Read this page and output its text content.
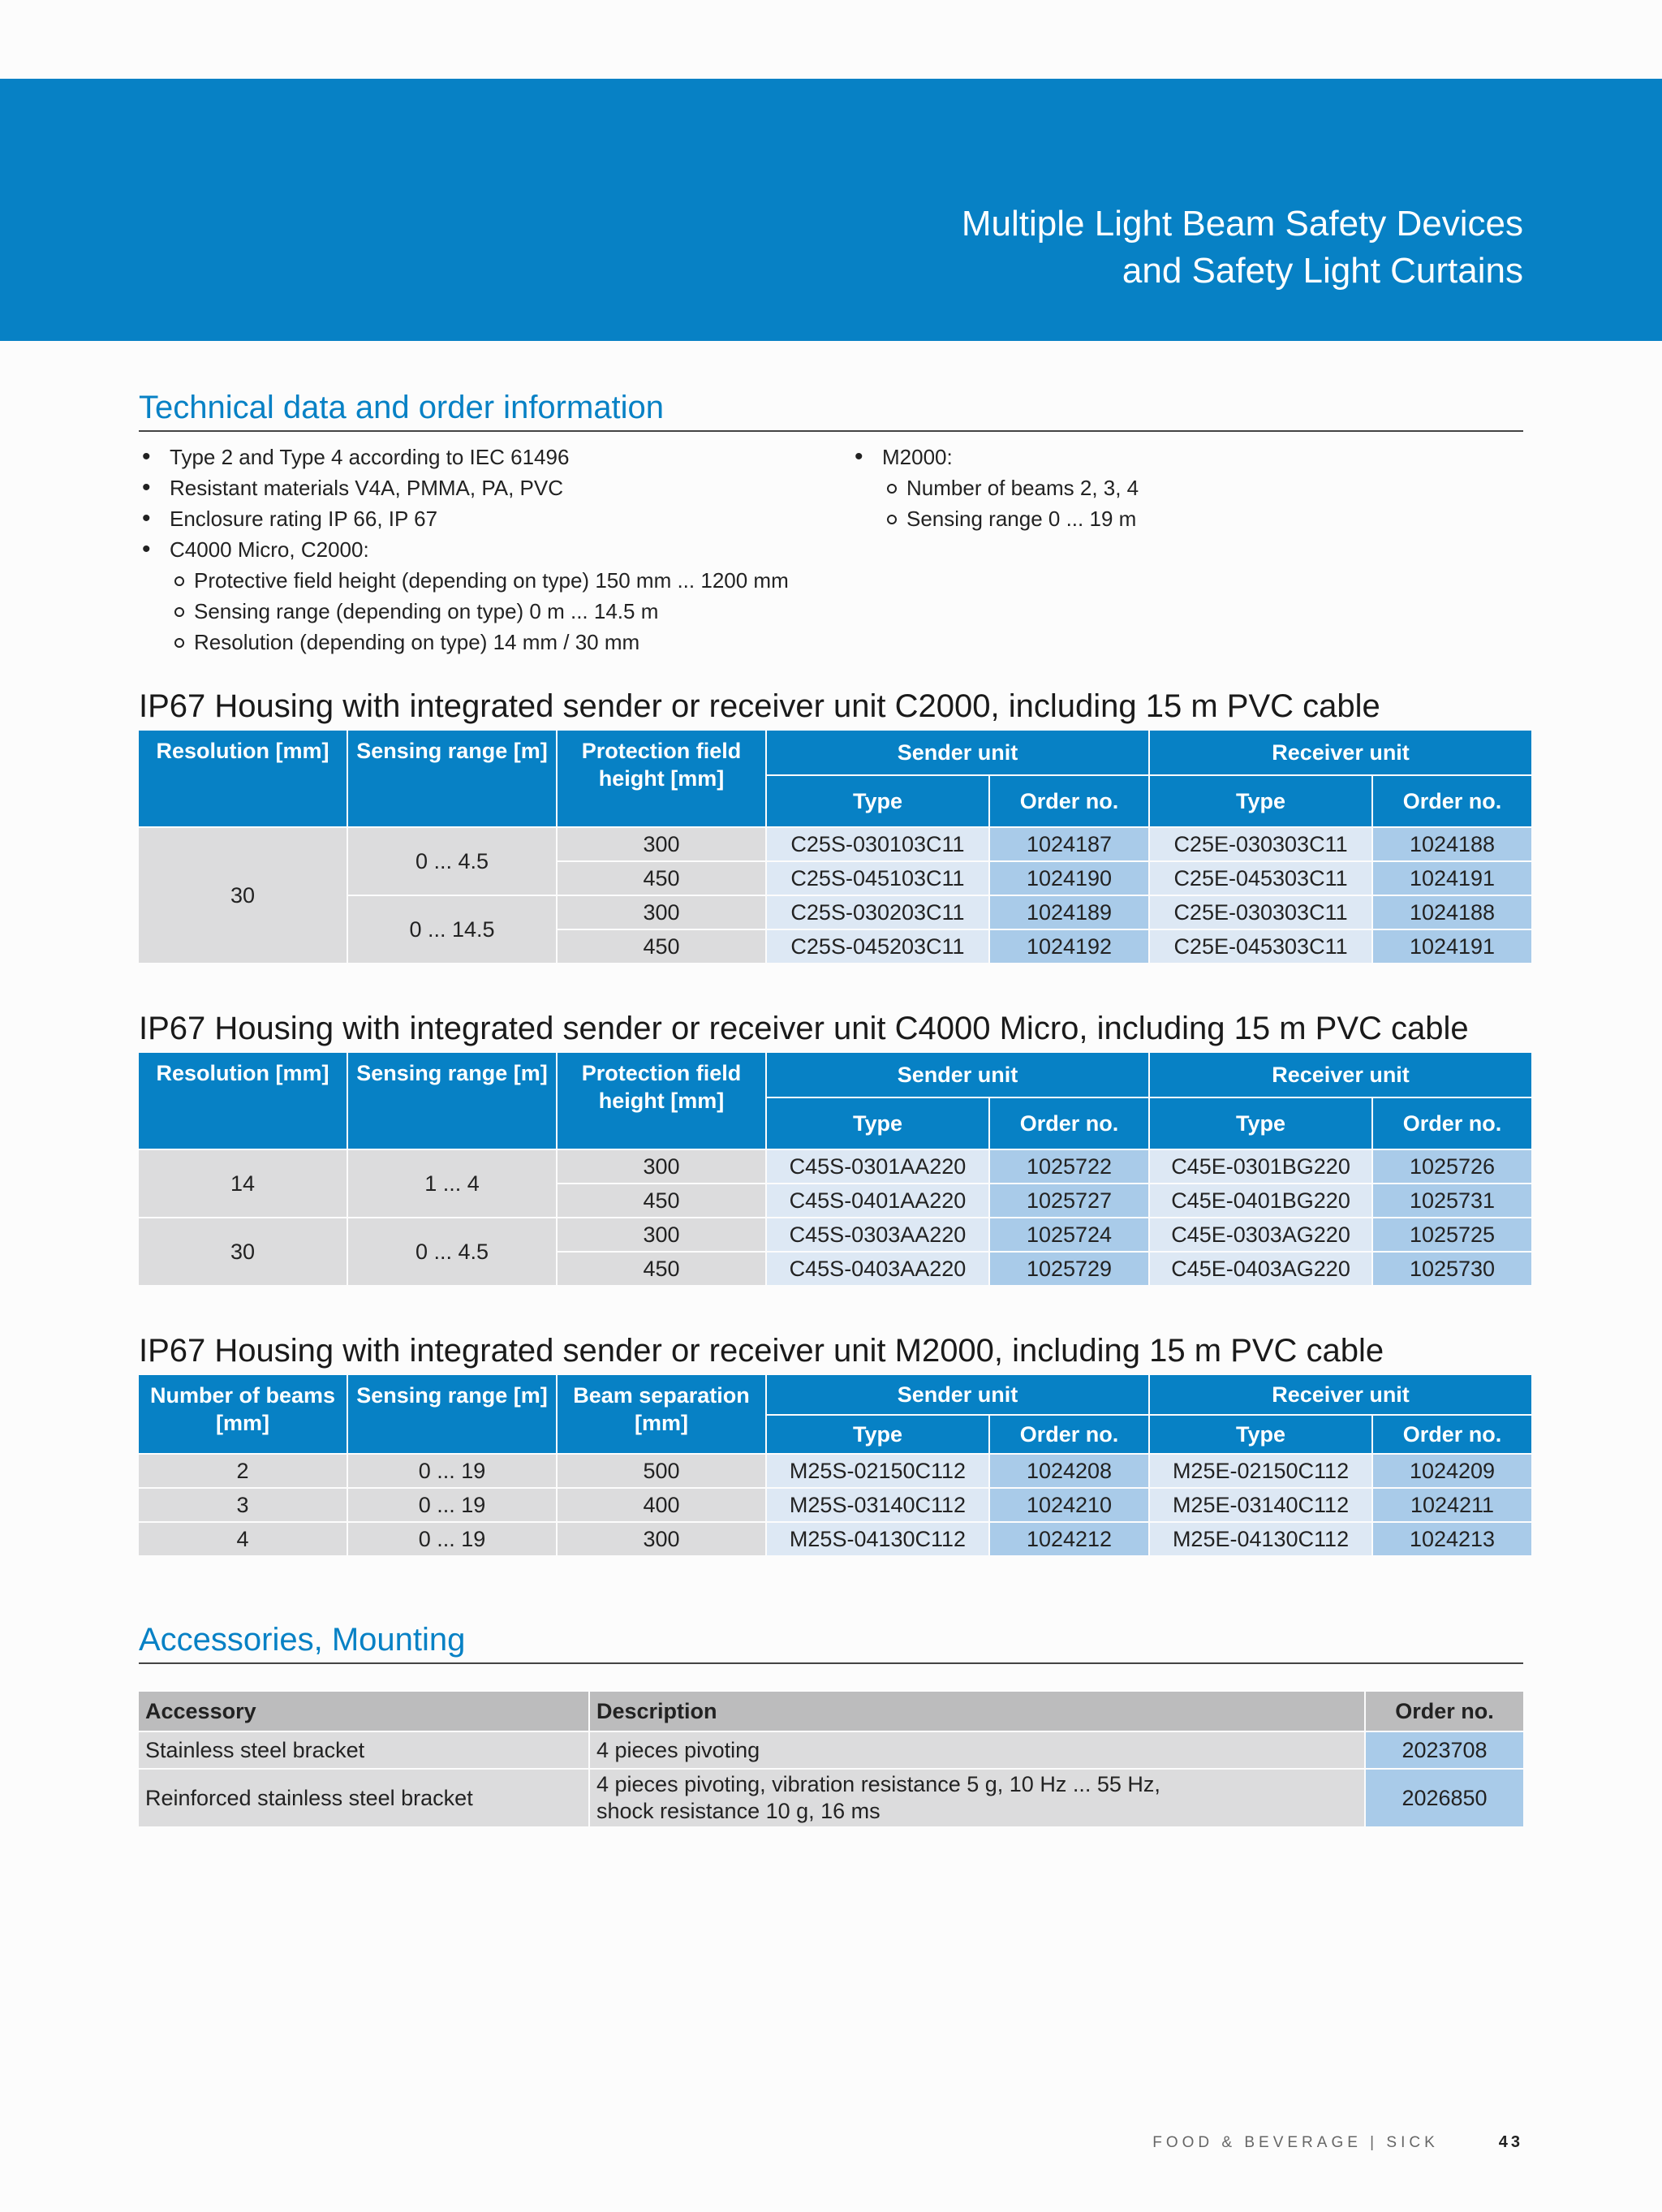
Multiple Light Beam Safety Devices
and Safety Light Curtains
Technical data and order information
• Type 2 and Type 4 according to IEC 61496
• Resistant materials V4A, PMMA, PA, PVC
• Enclosure rating IP 66, IP 67
• C4000 Micro, C2000:
Protective field height (depending on type) 150 mm ... 1200 mm
Sensing range (depending on type) 0 m ... 14.5 m
Resolution (depending on type) 14 mm / 30 mm
• M2000:
Number of beams 2, 3, 4
Sensing range 0 ... 19 m
IP67 Housing with integrated sender or receiver unit C2000, including 15 m PVC cable
Resolution [mm]	Sensing range [m]	Protection field height [mm]	Sender unit		Receiver unit	
			Type	Order no.	Type	Order no.
30	0 ... 4.5	300	C25S-030103C11	1024187	C25E-030303C11	1024188
		450	C25S-045103C11	1024190	C25E-045303C11	1024191
	0 ... 14.5	300	C25S-030203C11	1024189	C25E-030303C11	1024188
		450	C25S-045203C11	1024192	C25E-045303C11	1024191
IP67 Housing with integrated sender or receiver unit C4000 Micro, including 15 m PVC cable
Resolution [mm]	Sensing range [m]	Protection field height [mm]	Sender unit		Receiver unit	
			Type	Order no.	Type	Order no.
14	1 ... 4	300	C45S-0301AA220	1025722	C45E-0301BG220	1025726
		450	C45S-0401AA220	1025727	C45E-0401BG220	1025731
30	0 ... 4.5	300	C45S-0303AA220	1025724	C45E-0303AG220	1025725
		450	C45S-0403AA220	1025729	C45E-0403AG220	1025730
IP67 Housing with integrated sender or receiver unit M2000, including 15 m PVC cable
Number of beams [mm]	Sensing range [m]	Beam separation [mm]	Sender unit		Receiver unit	
			Type	Order no.	Type	Order no.
2	0 ... 19	500	M25S-02150C112	1024208	M25E-02150C112	1024209
3	0 ... 19	400	M25S-03140C112	1024210	M25E-03140C112	1024211
4	0 ... 19	300	M25S-04130C112	1024212	M25E-04130C112	1024213
Accessories, Mounting
Accessory	Description	Order no.
Stainless steel bracket	4 pieces pivoting	2023708
Reinforced stainless steel bracket	4 pieces pivoting, vibration resistance 5 g, 10 Hz ... 55 Hz,
shock resistance 10 g, 16 ms	2026850
FOOD & BEVERAGE | SICK	43
